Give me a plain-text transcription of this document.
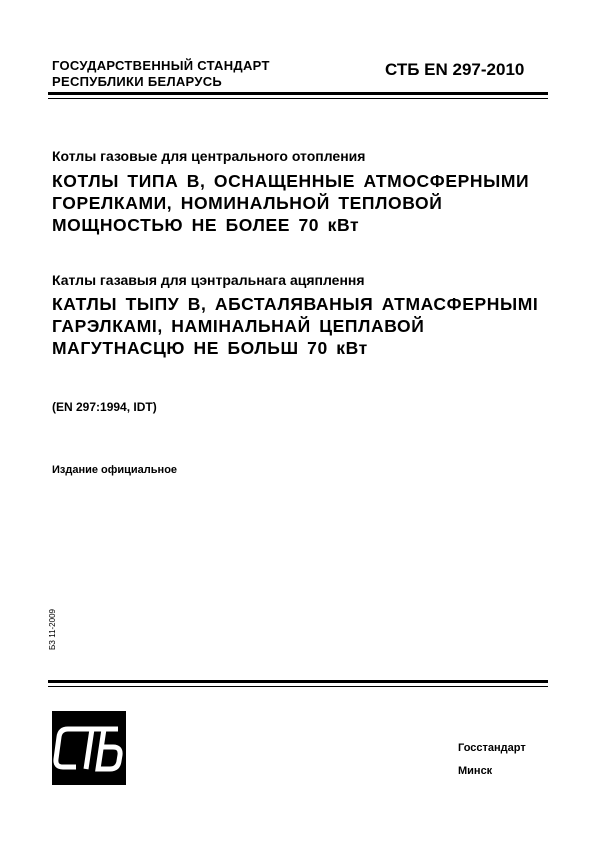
ГОСУДАРСТВЕННЫЙ СТАНДАРТ
РЕСПУБЛИКИ БЕЛАРУСЬ
СТБ EN 297-2010
Котлы газовые для центрального отопления
КОТЛЫ ТИПА В, ОСНАЩЕННЫЕ АТМОСФЕРНЫМИ
ГОРЕЛКАМИ, НОМИНАЛЬНОЙ ТЕПЛОВОЙ
МОЩНОСТЬЮ НЕ БОЛЕЕ 70 кВт
Катлы газавыя для цэнтральнага ацяплення
КАТЛЫ ТЫПУ В, АБСТАЛЯВАНЫЯ АТМАСФЕРНЫМІ
ГАРЭЛКАМІ, НАМІНАЛЬНАЙ ЦЕПЛАВОЙ
МАГУТНАСЦЮ НЕ БОЛЬШ 70 кВт
(EN 297:1994, IDT)
Издание официальное
БЗ 11-2009
СТБ
Госстандарт
Минск
